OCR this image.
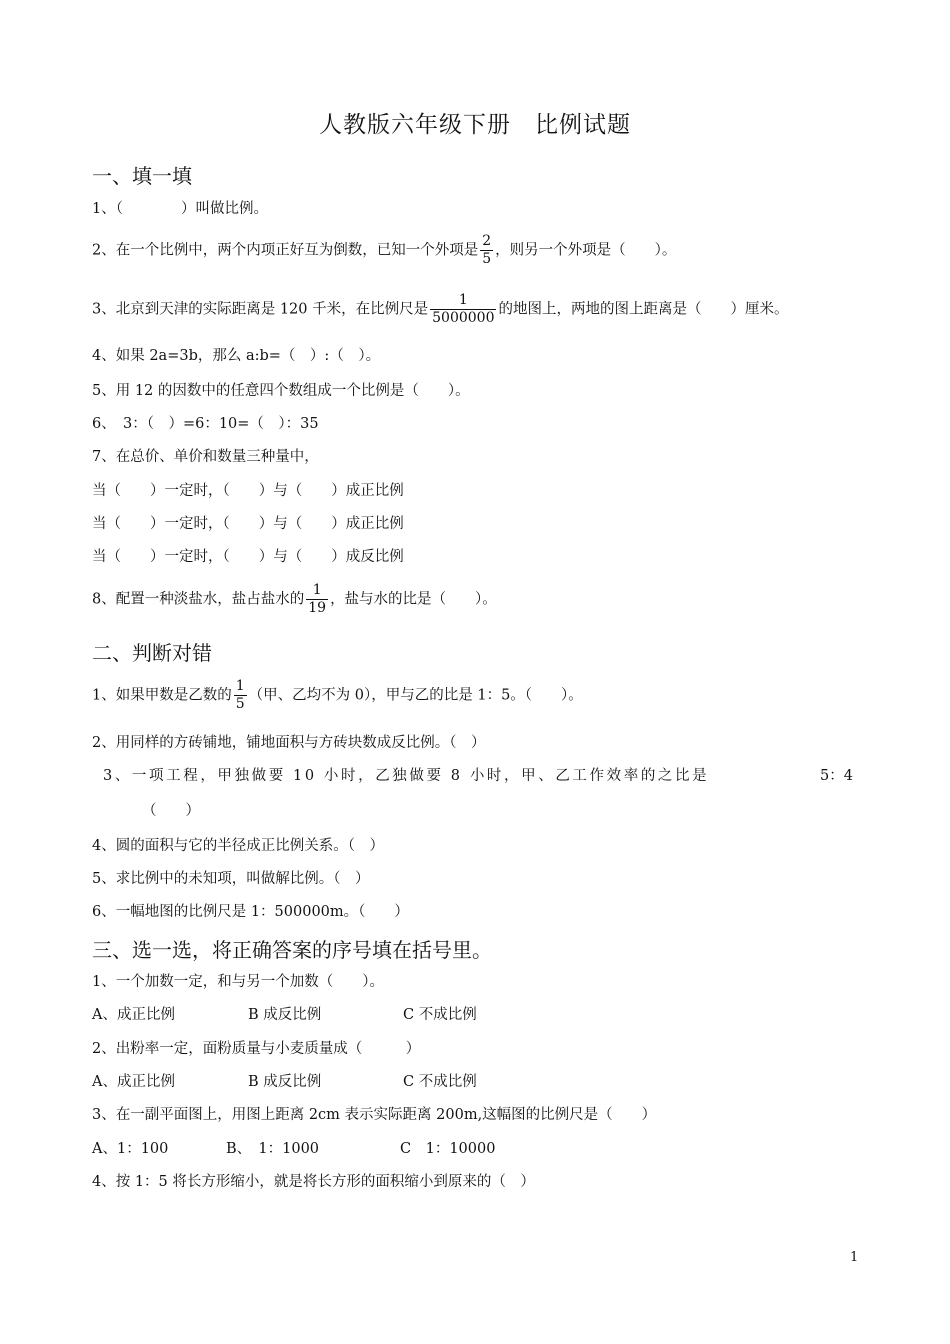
人教版六年级下册　比例试题
一、填一填
1、（　　　　）叫做比例。
2、在一个比例中，两个内项正好互为倒数，已知一个外项是 $\frac{2}{5}$ ，则另一个外项是（　　）。
3、北京到天津的实际距离是 120 千米，在比例尺是 $\frac{1}{5000000}$ 的地图上，两地的图上距离是（　　）厘米。
4、如果 2a=3b，那么 a:b=（　）:（　）。
5、用 12 的因数中的任意四个数组成一个比例是（　　）。
6、　3：（　）=6：10=（　）：35
7、在总价、单价和数量三种量中，
当（　　）一定时，（　　）与（　　）成正比例
当（　　）一定时，（　　）与（　　）成正比例
当（　　）一定时，（　　）与（　　）成反比例
8、配置一种淡盐水，盐占盐水的 $\frac{1}{19}$ ，盐与水的比是（　　）。
二、判断对错
1、如果甲数是乙数的 $\frac{1}{5}$ （甲、乙均不为 0），甲与乙的比是 1：5。（　　）。
2、用同样的方砖铺地，铺地面积与方砖块数成反比例。（　）
3、一项工程，甲独做要 10 小时，乙独做要 8 小时，甲、乙工作效率的之比是	5：4
（　　）
4、圆的面积与它的半径成正比例关系。（　）
5、求比例中的未知项，叫做解比例。（　）
6、一幅地图的比例尺是 1：500000m。（　　）
三、选一选，将正确答案的序号填在括号里。
1、一个加数一定，和与另一个加数（　　）。
A、成正比例	B 成反比例	C 不成比例
2、出粉率一定，面粉质量与小麦质量成（　　　）
A、成正比例	B 成反比例	C 不成比例
3、在一副平面图上，用图上距离 2cm 表示实际距离 200m,这幅图的比例尺是（　　）
A、1：100	B、　1：1000	C　1：10000
4、按 1：5 将长方形缩小，就是将长方形的面积缩小到原来的（　）
1
